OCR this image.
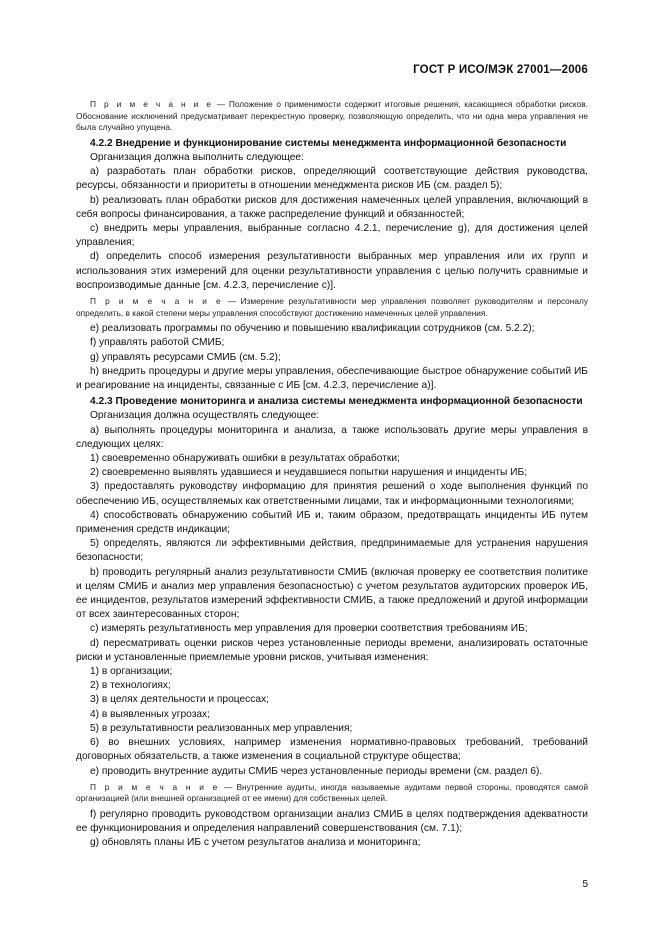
ГОСТ Р ИСО/МЭК 27001—2006

П р и м е ч а н и е — Положение о применимости содержит итоговые решения, касающиеся обработки рисков. Обоснование исключений предусматривает перекрестную проверку, позволяющую определить, что ни одна мера управления не была случайно упущена.

4.2.2 Внедрение и функционирование системы менеджмента информационной безопасности

Организация должна выполнить следующее:

a) разработать план обработки рисков, определяющий соответствующие действия руководства, ресурсы, обязанности и приоритеты в отношении менеджмента рисков ИБ (см. раздел 5);

b) реализовать план обработки рисков для достижения намеченных целей управления, включающий в себя вопросы финансирования, а также распределение функций и обязанностей;

c) внедрить меры управления, выбранные согласно 4.2.1, перечисление g), для достижения целей управления;

d) определить способ измерения результативности выбранных мер управления или их групп и использования этих измерений для оценки результативности управления с целью получить сравнимые и воспроизводимые данные [см. 4.2.3, перечисление с)].

П р и м е ч а н и е — Измерение результативности мер управления позволяет руководителям и персоналу определить, в какой степени меры управления способствуют достижению намеченных целей управления.

e) реализовать программы по обучению и повышению квалификации сотрудников (см. 5.2.2);

f) управлять работой СМИБ;

g) управлять ресурсами СМИБ (см. 5.2);

h) внедрить процедуры и другие меры управления, обеспечивающие быстрое обнаружение событий ИБ и реагирование на инциденты, связанные с ИБ [см. 4.2.3, перечисление а)].

4.2.3 Проведение мониторинга и анализа системы менеджмента информационной безопасности

Организация должна осуществлять следующее:

a) выполнять процедуры мониторинга и анализа, а также использовать другие меры управления в следующих целях:

1) своевременно обнаруживать ошибки в результатах обработки;

2) своевременно выявлять удавшиеся и неудавшиеся попытки нарушения и инциденты ИБ;

3) предоставлять руководству информацию для принятия решений о ходе выполнения функций по обеспечению ИБ, осуществляемых как ответственными лицами, так и информационными технологиями;

4) способствовать обнаружению событий ИБ и, таким образом, предотвращать инциденты ИБ путем применения средств индикации;

5) определять, являются ли эффективными действия, предпринимаемые для устранения нарушения безопасности;

b) проводить регулярный анализ результативности СМИБ (включая проверку ее соответствия политике и целям СМИБ и анализ мер управления безопасностью) с учетом результатов аудиторских проверок ИБ, ее инцидентов, результатов измерений эффективности СМИБ, а также предложений и другой информации от всех заинтересованных сторон;

c) измерять результативность мер управления для проверки соответствия требованиям ИБ;

d) пересматривать оценки рисков через установленные периоды времени, анализировать остаточные риски и установленные приемлемые уровни рисков, учитывая изменения:

1) в организации;

2) в технологиях;

3) в целях деятельности и процессах;

4) в выявленных угрозах;

5) в результативности реализованных мер управления;

6) во внешних условиях, например изменения нормативно-правовых требований, требований договорных обязательств, а также изменения в социальной структуре общества;

e) проводить внутренние аудиты СМИБ через установленные периоды времени (см. раздел 6).

П р и м е ч а н и е — Внутренние аудиты, иногда называемые аудитами первой стороны, проводятся самой организацией (или внешней организацией от ее имени) для собственных целей.

f) регулярно проводить руководством организации анализ СМИБ в целях подтверждения адекватности ее функционирования и определения направлений совершенствования (см. 7.1);

g) обновлять планы ИБ с учетом результатов анализа и мониторинга;

5
